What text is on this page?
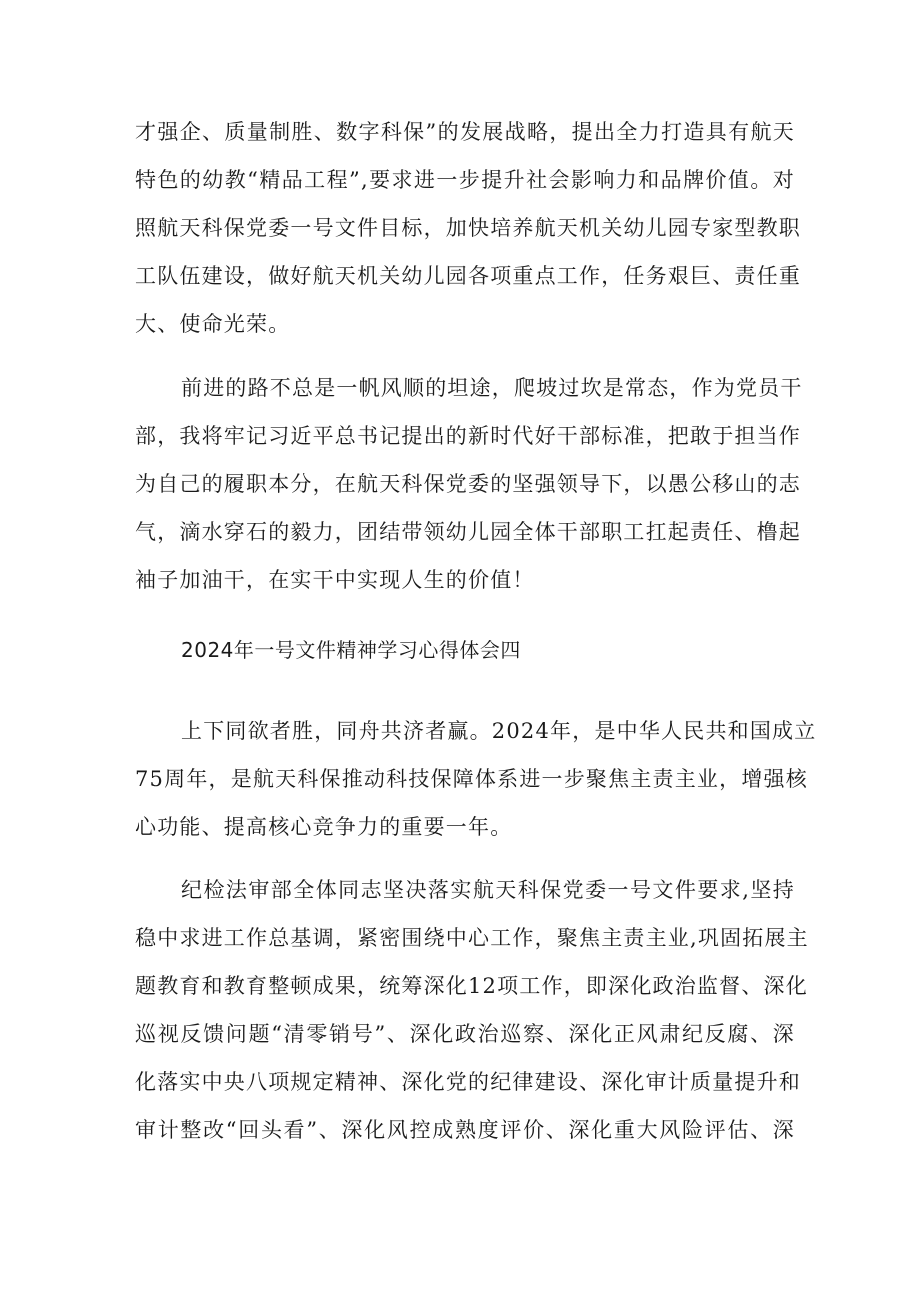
才强企、质量制胜、数字科保”的发展战略，提出全力打造具有航天
特色的幼教“精品工程”,要求进一步提升社会影响力和品牌价值。对
照航天科保党委一号文件目标，加快培养航天机关幼儿园专家型教职
工队伍建设，做好航天机关幼儿园各项重点工作，任务艰巨、责任重
大、使命光荣。
前进的路不总是一帆风顺的坦途，爬坡过坎是常态，作为党员干
部，我将牢记习近平总书记提出的新时代好干部标准，把敢于担当作
为自己的履职本分，在航天科保党委的坚强领导下，以愚公移山的志
气，滴水穿石的毅力，团结带领幼儿园全体干部职工扛起责任、橹起
袖子加油干，在实干中实现人生的价值！
2024年一号文件精神学习心得体会四
上下同欲者胜，同舟共济者赢。2024年，是中华人民共和国成立
75周年，是航天科保推动科技保障体系进一步聚焦主责主业，增强核
心功能、提高核心竞争力的重要一年。
纪检法审部全体同志坚决落实航天科保党委一号文件要求,坚持
稳中求进工作总基调，紧密围绕中心工作，聚焦主责主业,巩固拓展主
题教育和教育整顿成果，统筹深化12项工作，即深化政治监督、深化
巡视反馈问题“清零销号”、深化政治巡察、深化正风肃纪反腐、深
化落实中央八项规定精神、深化党的纪律建设、深化审计质量提升和
审计整改“回头看”、深化风控成熟度评价、深化重大风险评估、深
